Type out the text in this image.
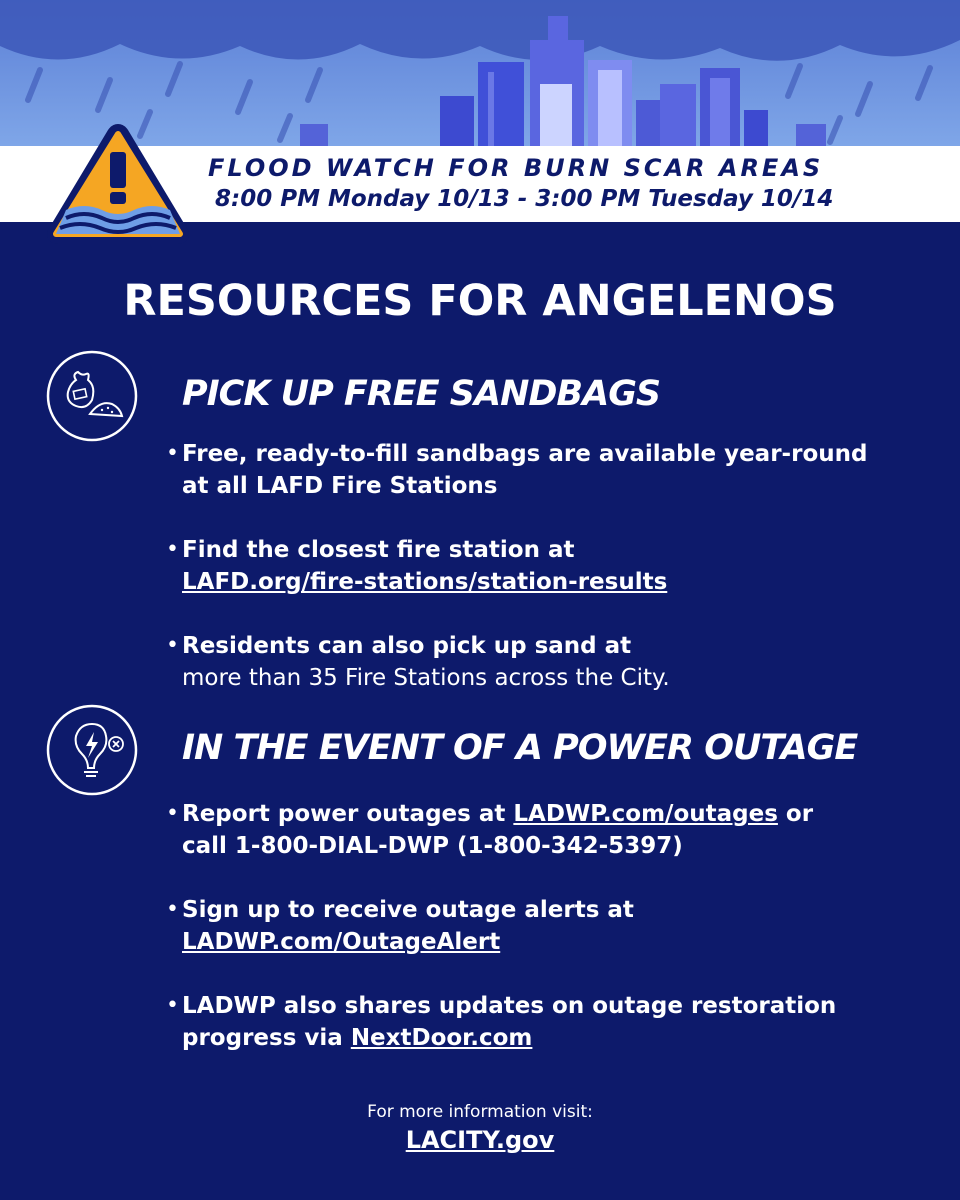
FLOOD WATCH FOR BURN SCAR AREAS
8:00 PM Monday 10/13 - 3:00 PM Tuesday 10/14
RESOURCES FOR ANGELENOS
PICK UP FREE SANDBAGS
• Free, ready-to-fill sandbags are available year-round
at all LAFD Fire Stations
• Find the closest fire station at
LAFD.org/fire-stations/station-results
• Residents can also pick up sand at
more than 35 Fire Stations across the City.
IN THE EVENT OF A POWER OUTAGE
• Report power outages at LADWP.com/outages or
call 1-800-DIAL-DWP (1-800-342-5397)
• Sign up to receive outage alerts at
LADWP.com/OutageAlert
• LADWP also shares updates on outage restoration
progress via NextDoor.com
For more information visit:
LACITY.gov
